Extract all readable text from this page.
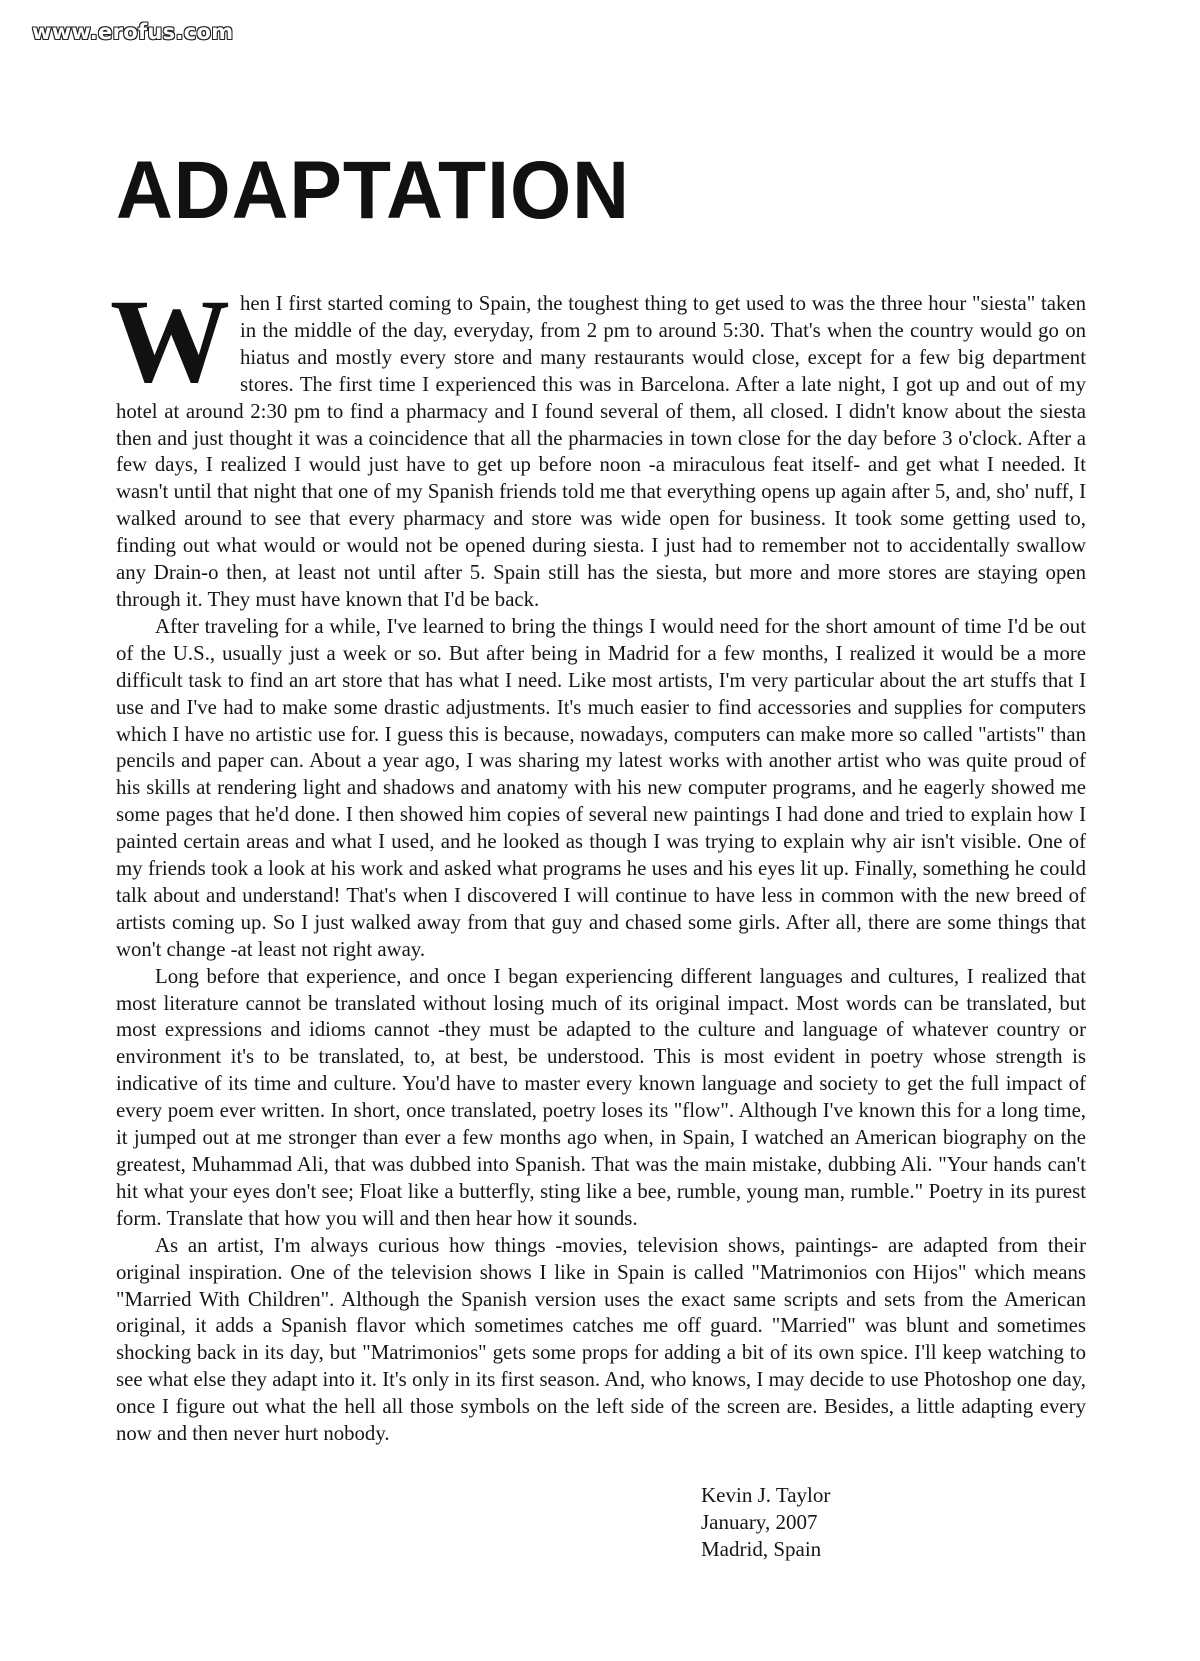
www.erofus.com
ADAPTATION

When I first started coming to Spain, the toughest thing to get used to was the three hour "siesta" taken in the middle of the day, everyday, from 2 pm to around 5:30. That's when the country would go on hiatus and mostly every store and many restaurants would close, except for a few big department stores. The first time I experienced this was in Barcelona. After a late night, I got up and out of my hotel at around 2:30 pm to find a pharmacy and I found several of them, all closed. I didn't know about the siesta then and just thought it was a coincidence that all the pharmacies in town close for the day before 3 o'clock. After a few days, I realized I would just have to get up before noon -a miraculous feat itself- and get what I needed. It wasn't until that night that one of my Spanish friends told me that everything opens up again after 5, and, sho' nuff, I walked around to see that every pharmacy and store was wide open for business. It took some getting used to, finding out what would or would not be opened during siesta. I just had to remember not to accidentally swallow any Drain-o then, at least not until after 5. Spain still has the siesta, but more and more stores are staying open through it. They must have known that I'd be back.

After traveling for a while, I've learned to bring the things I would need for the short amount of time I'd be out of the U.S., usually just a week or so. But after being in Madrid for a few months, I realized it would be a more difficult task to find an art store that has what I need. Like most artists, I'm very particular about the art stuffs that I use and I've had to make some drastic adjustments. It's much easier to find accessories and supplies for computers which I have no artistic use for. I guess this is because, nowadays, computers can make more so called "artists" than pencils and paper can. About a year ago, I was sharing my latest works with another artist who was quite proud of his skills at rendering light and shadows and anatomy with his new computer programs, and he eagerly showed me some pages that he'd done. I then showed him copies of several new paintings I had done and tried to explain how I painted certain areas and what I used, and he looked as though I was trying to explain why air isn't visible. One of my friends took a look at his work and asked what programs he uses and his eyes lit up. Finally, something he could talk about and understand! That's when I discovered I will continue to have less in common with the new breed of artists coming up. So I just walked away from that guy and chased some girls. After all, there are some things that won't change -at least not right away.

Long before that experience, and once I began experiencing different languages and cultures, I realized that most literature cannot be translated without losing much of its original impact. Most words can be translated, but most expressions and idioms cannot -they must be adapted to the culture and language of whatever country or environment it's to be translated, to, at best, be understood. This is most evident in poetry whose strength is indicative of its time and culture. You'd have to master every known language and society to get the full impact of every poem ever written. In short, once translated, poetry loses its "flow". Although I've known this for a long time, it jumped out at me stronger than ever a few months ago when, in Spain, I watched an American biography on the greatest, Muhammad Ali, that was dubbed into Spanish. That was the main mistake, dubbing Ali. "Your hands can't hit what your eyes don't see; Float like a butterfly, sting like a bee, rumble, young man, rumble." Poetry in its purest form. Translate that how you will and then hear how it sounds.

As an artist, I'm always curious how things -movies, television shows, paintings- are adapted from their original inspiration. One of the television shows I like in Spain is called "Matrimonios con Hijos" which means "Married With Children". Although the Spanish version uses the exact same scripts and sets from the American original, it adds a Spanish flavor which sometimes catches me off guard. "Married" was blunt and sometimes shocking back in its day, but "Matrimonios" gets some props for adding a bit of its own spice. I'll keep watching to see what else they adapt into it. It's only in its first season. And, who knows, I may decide to use Photoshop one day, once I figure out what the hell all those symbols on the left side of the screen are. Besides, a little adapting every now and then never hurt nobody.

Kevin J. Taylor
January, 2007
Madrid, Spain
